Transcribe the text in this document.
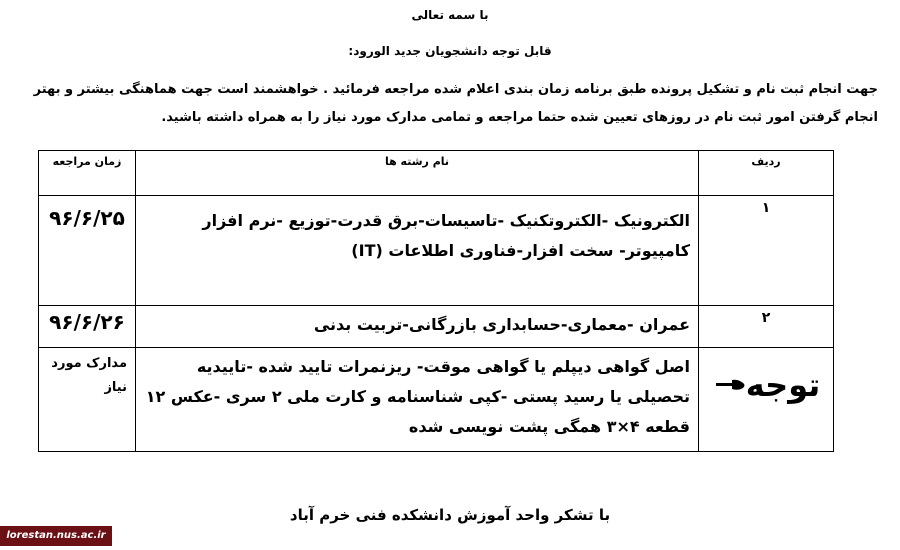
با سمه تعالی
قابل توجه دانشجویان جدید الورود:
جهت انجام ثبت نام و تشکیل پرونده طبق برنامه زمان بندی اعلام شده مراجعه فرمائید . خواهشمند است جهت هماهنگی بیشتر و بهتر انجام گرفتن امور ثبت نام در روزهای تعیین شده حتما مراجعه و تمامی مدارک مورد نیاز را به همراه داشته باشید.
ردیف	نام رشته ها	زمان مراجعه

۱	الکترونیک -الکتروتکنیک -تاسیسات-برق قدرت-توزیع -نرم افزار کامپیوتر- سخت افزار-فناوری اطلاعات (IT)	۹۶/۶/۲۵

۲	عمران -معماری-حسابداری بازرگانی-تربیت بدنی	۹۶/۶/۲۶

توجه	اصل گواهی دیپلم یا گواهی موقت- ریزنمرات تایید شده -تاییدیه تحصیلی یا رسید پستی -کپی شناسنامه و کارت ملی ۲ سری -عکس ۱۲ قطعه ۴×۳ همگی پشت نویسی شده	مدارک مورد نیاز
با تشکر واحد آموزش دانشکده فنی خرم آباد
lorestan.nus.ac.ir
